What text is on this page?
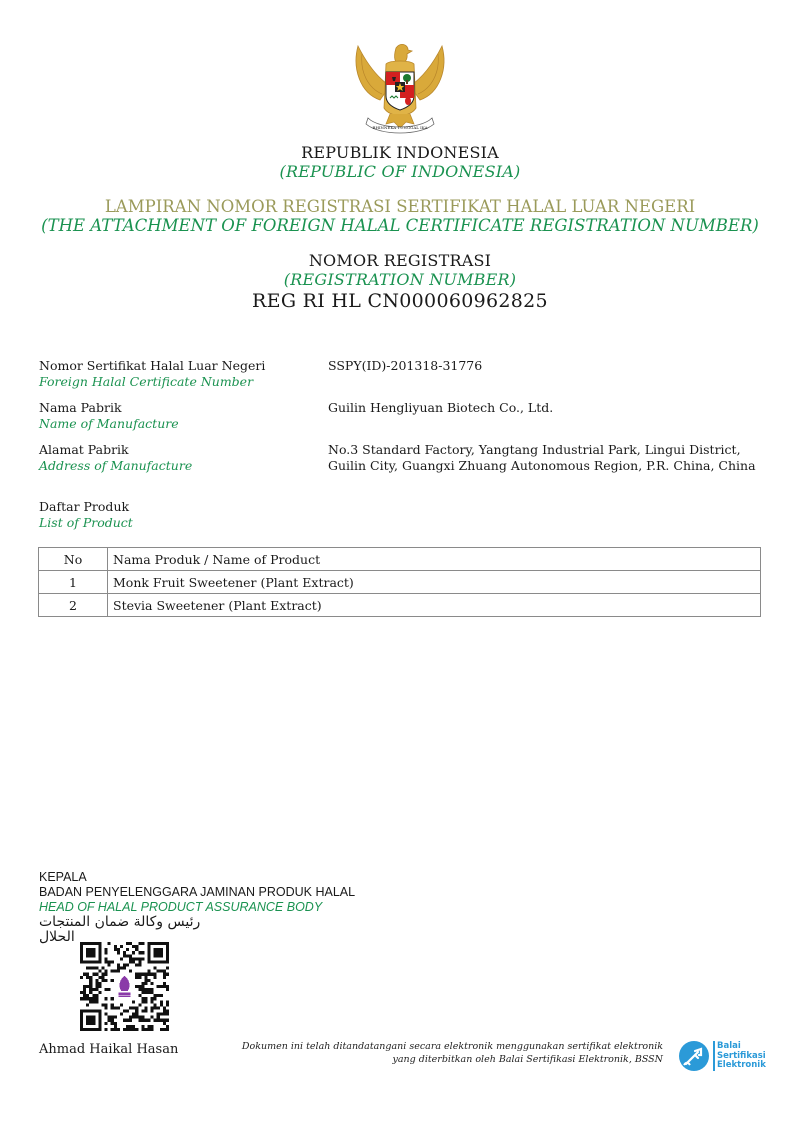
BHINNEKA TUNGGAL IKA
REPUBLIK INDONESIA
(REPUBLIC OF INDONESIA)
LAMPIRAN NOMOR REGISTRASI SERTIFIKAT HALAL LUAR NEGERI
(THE ATTACHMENT OF FOREIGN HALAL CERTIFICATE REGISTRATION NUMBER)
NOMOR REGISTRASI
(REGISTRATION NUMBER)
REG RI HL CN000060962825
Nomor Sertifikat Halal Luar Negeri
Foreign Halal Certificate Number
SSPY(ID)-201318-31776
Nama Pabrik
Name of Manufacture
Guilin Hengliyuan Biotech Co., Ltd.
Alamat Pabrik
Address of Manufacture
No.3 Standard Factory, Yangtang Industrial Park, Lingui District, Guilin City, Guangxi Zhuang Autonomous Region, P.R. China, China
Daftar Produk
List of Product
No	Nama Produk / Name of Product
1	Monk Fruit Sweetener (Plant Extract)
2	Stevia Sweetener (Plant Extract)
KEPALA
BADAN PENYELENGGARA JAMINAN PRODUK HALAL
HEAD OF HALAL PRODUCT ASSURANCE BODY
رئيس وكالة ضمان المنتجات الحلال
Ahmad Haikal Hasan	Dokumen ini telah ditandatangani secara elektronik menggunakan sertifikat elektronik
yang diterbitkan oleh Balai Sertifikasi Elektronik, BSSN
Balai
Sertifikasi
Elektronik
